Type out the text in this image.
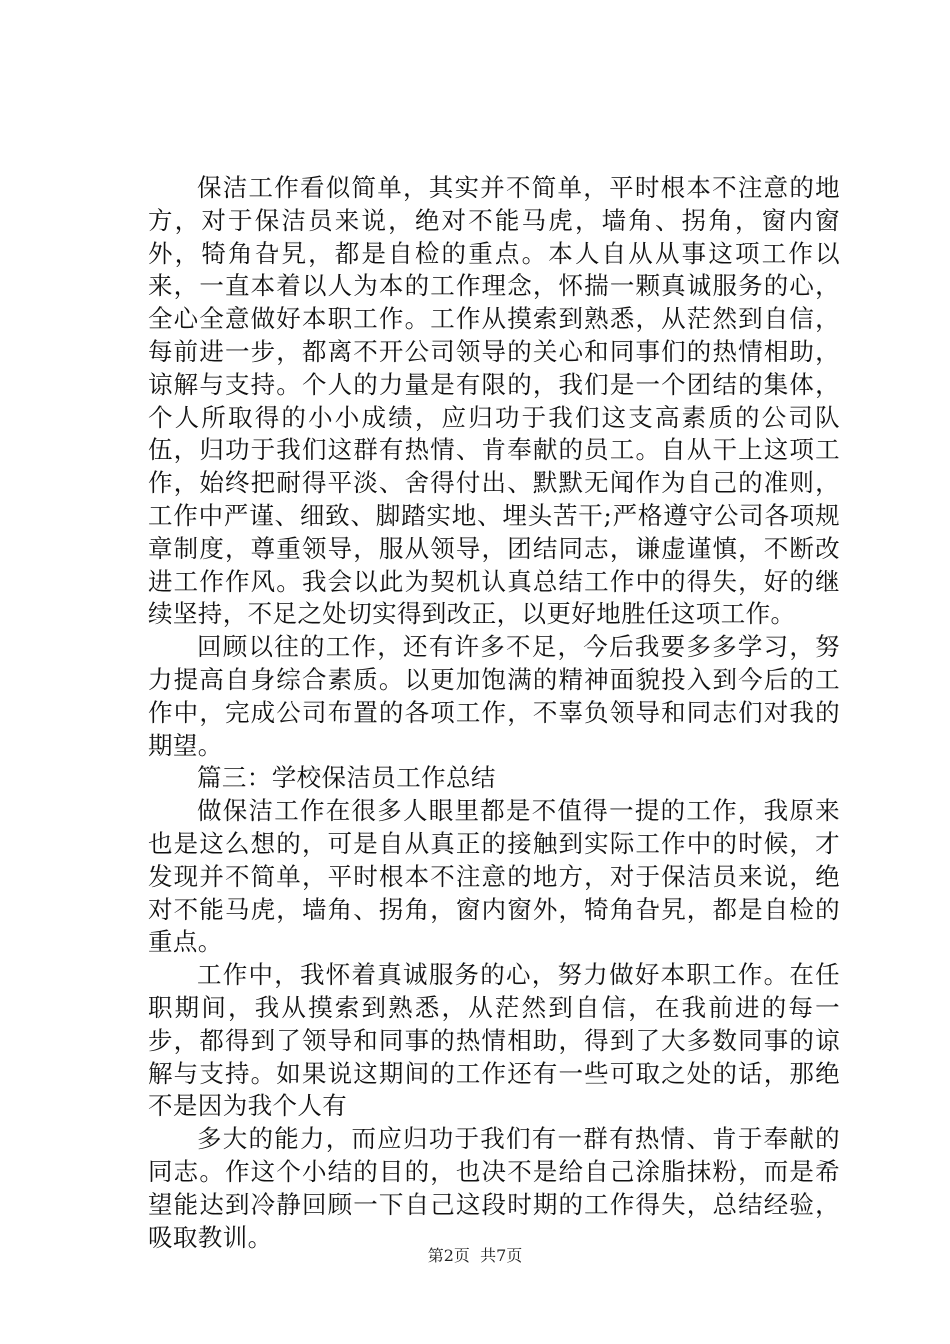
保洁工作看似简单，其实并不简单，平时根本不注意的地方，对于保洁员来说，绝对不能马虎，墙角、拐角，窗内窗外，犄角旮旯，都是自检的重点。本人自从从事这项工作以来，一直本着以人为本的工作理念，怀揣一颗真诚服务的心，全心全意做好本职工作。工作从摸索到熟悉，从茫然到自信，每前进一步，都离不开公司领导的关心和同事们的热情相助，谅解与支持。个人的力量是有限的，我们是一个团结的集体，个人所取得的小小成绩，应归功于我们这支高素质的公司队伍，归功于我们这群有热情、肯奉献的员工。自从干上这项工作，始终把耐得平淡、舍得付出、默默无闻作为自己的准则，工作中严谨、细致、脚踏实地、埋头苦干;严格遵守公司各项规章制度，尊重领导，服从领导，团结同志，谦虚谨慎，不断改进工作作风。我会以此为契机认真总结工作中的得失，好的继续坚持，不足之处切实得到改正，以更好地胜任这项工作。

回顾以往的工作，还有许多不足，今后我要多多学习，努力提高自身综合素质。以更加饱满的精神面貌投入到今后的工作中，完成公司布置的各项工作，不辜负领导和同志们对我的期望。

篇三：学校保洁员工作总结

做保洁工作在很多人眼里都是不值得一提的工作，我原来也是这么想的，可是自从真正的接触到实际工作中的时候，才发现并不简单，平时根本不注意的地方，对于保洁员来说，绝对不能马虎，墙角、拐角，窗内窗外，犄角旮旯，都是自检的重点。

工作中，我怀着真诚服务的心，努力做好本职工作。在任职期间，我从摸索到熟悉，从茫然到自信，在我前进的每一步，都得到了领导和同事的热情相助，得到了大多数同事的谅解与支持。如果说这期间的工作还有一些可取之处的话，那绝不是因为我个人有

多大的能力，而应归功于我们有一群有热情、肯于奉献的同志。作这个小结的目的，也决不是给自己涂脂抹粉，而是希望能达到冷静回顾一下自己这段时期的工作得失，总结经验，吸取教训。

第2页 共7页
